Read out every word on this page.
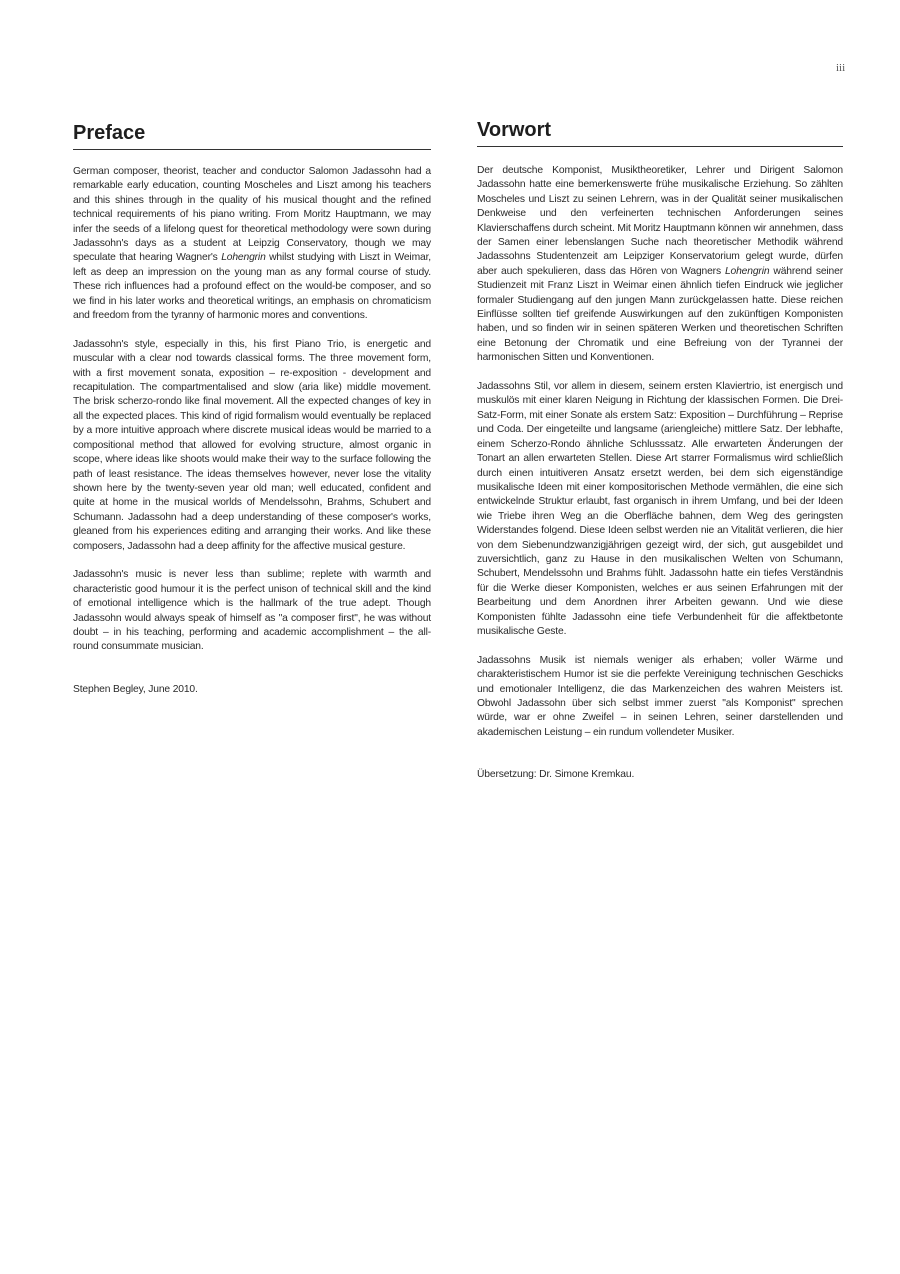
iii
Preface

German composer, theorist, teacher and conductor Salomon Jadassohn had a remarkable early education, counting Moscheles and Liszt among his teachers and this shines through in the quality of his musical thought and the refined technical requirements of his piano writing. From Moritz Hauptmann, we may infer the seeds of a lifelong quest for theoretical methodology were sown during Jadassohn's days as a student at Leipzig Conservatory, though we may speculate that hearing Wagner's Lohengrin whilst studying with Liszt in Weimar, left as deep an impression on the young man as any formal course of study. These rich influences had a profound effect on the would-be composer, and so we find in his later works and theoretical writings, an emphasis on chromaticism and freedom from the tyranny of harmonic mores and conventions.

Jadassohn's style, especially in this, his first Piano Trio, is energetic and muscular with a clear nod towards classical forms. The three movement form, with a first movement sonata, exposition – re-exposition - development and recapitulation. The compartmentalised and slow (aria like) middle movement. The brisk scherzo-rondo like final movement. All the expected changes of key in all the expected places. This kind of rigid formalism would eventually be replaced by a more intuitive approach where discrete musical ideas would be married to a compositional method that allowed for evolving structure, almost organic in scope, where ideas like shoots would make their way to the surface following the path of least resistance. The ideas themselves however, never lose the vitality shown here by the twenty-seven year old man; well educated, confident and quite at home in the musical worlds of Mendelssohn, Brahms, Schubert and Schumann. Jadassohn had a deep understanding of these composer's works, gleaned from his experiences editing and arranging their works. And like these composers, Jadassohn had a deep affinity for the affective musical gesture.

Jadassohn's music is never less than sublime; replete with warmth and characteristic good humour it is the perfect unison of technical skill and the kind of emotional intelligence which is the hallmark of the true adept. Though Jadassohn would always speak of himself as "a composer first", he was without doubt – in his teaching, performing and academic accomplishment – the all-round consummate musician.

Stephen Begley, June 2010.

Vorwort

Der deutsche Komponist, Musiktheoretiker, Lehrer und Dirigent Salomon Jadassohn hatte eine bemerkenswerte frühe musikalische Erziehung. So zählten Moscheles und Liszt zu seinen Lehrern, was in der Qualität seiner musikalischen Denkweise und den verfeinerten technischen Anforderungen seines Klavierschaffens durch scheint. Mit Moritz Hauptmann können wir annehmen, dass der Samen einer lebenslangen Suche nach theoretischer Methodik während Jadassohns Studentenzeit am Leipziger Konservatorium gelegt wurde, dürfen aber auch spekulieren, dass das Hören von Wagners Lohengrin während seiner Studienzeit mit Franz Liszt in Weimar einen ähnlich tiefen Eindruck wie jeglicher formaler Studiengang auf den jungen Mann zurückgelassen hatte. Diese reichen Einflüsse sollten tief greifende Auswirkungen auf den zukünftigen Komponisten haben, und so finden wir in seinen späteren Werken und theoretischen Schriften eine Betonung der Chromatik und eine Befreiung von der Tyrannei der harmonischen Sitten und Konventionen.

Jadassohns Stil, vor allem in diesem, seinem ersten Klaviertrio, ist energisch und muskulös mit einer klaren Neigung in Richtung der klassischen Formen. Die Drei-Satz-Form, mit einer Sonate als erstem Satz: Exposition – Durchführung – Reprise und Coda. Der eingeteilte und langsame (ariengleiche) mittlere Satz. Der lebhafte, einem Scherzo-Rondo ähnliche Schlusssatz. Alle erwarteten Änderungen der Tonart an allen erwarteten Stellen. Diese Art starrer Formalismus wird schließlich durch einen intuitiveren Ansatz ersetzt werden, bei dem sich eigenständige musikalische Ideen mit einer kompositorischen Methode vermählen, die eine sich entwickelnde Struktur erlaubt, fast organisch in ihrem Umfang, und bei der Ideen wie Triebe ihren Weg an die Oberfläche bahnen, dem Weg des geringsten Widerstandes folgend. Diese Ideen selbst werden nie an Vitalität verlieren, die hier von dem Siebenundzwanzigjährigen gezeigt wird, der sich, gut ausgebildet und zuversichtlich, ganz zu Hause in den musikalischen Welten von Schumann, Schubert, Mendelssohn und Brahms fühlt. Jadassohn hatte ein tiefes Verständnis für die Werke dieser Komponisten, welches er aus seinen Erfahrungen mit der Bearbeitung und dem Anordnen ihrer Arbeiten gewann. Und wie diese Komponisten fühlte Jadassohn eine tiefe Verbundenheit für die affektbetonte musikalische Geste.

Jadassohns Musik ist niemals weniger als erhaben; voller Wärme und charakteristischem Humor ist sie die perfekte Vereinigung technischen Geschicks und emotionaler Intelligenz, die das Markenzeichen des wahren Meisters ist. Obwohl Jadassohn über sich selbst immer zuerst "als Komponist" sprechen würde, war er ohne Zweifel – in seinen Lehren, seiner darstellenden und akademischen Leistung – ein rundum vollendeter Musiker.

Übersetzung: Dr. Simone Kremkau.
